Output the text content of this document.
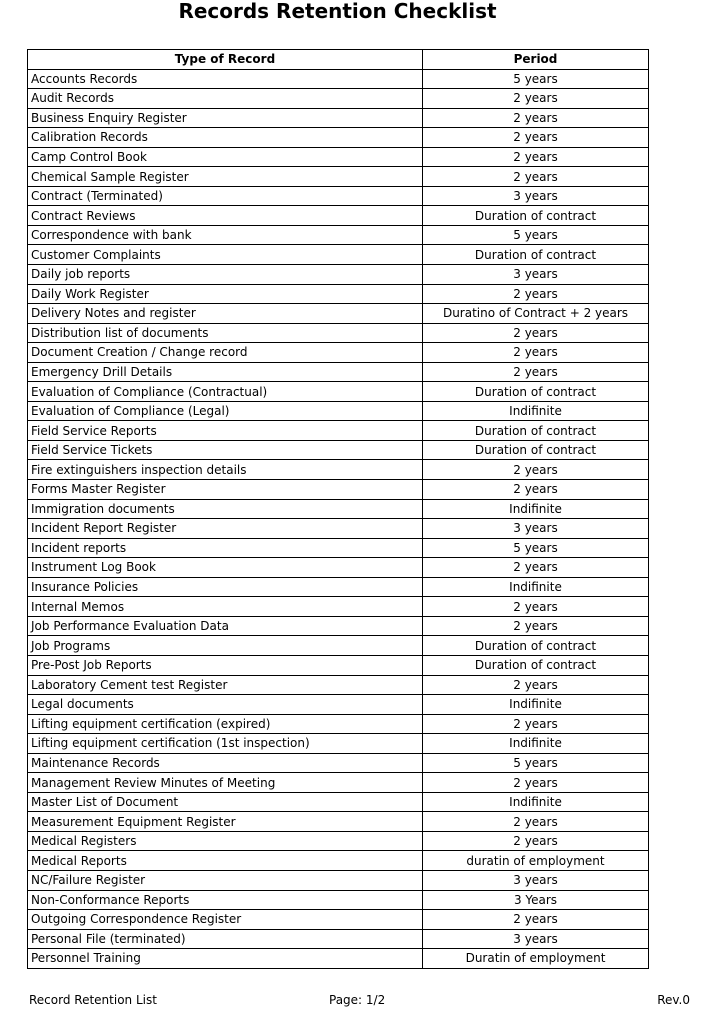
Records Retention Checklist
Type of Record	Period
Accounts Records	5 years
Audit Records	2 years
Business Enquiry Register	2 years
Calibration Records	2 years
Camp Control Book	2 years
Chemical Sample Register	2 years
Contract (Terminated)	3 years
Contract Reviews	Duration of contract
Correspondence with bank	5 years
Customer Complaints	Duration of contract
Daily job reports	3 years
Daily Work Register	2 years
Delivery Notes and register	Duratino of Contract + 2 years
Distribution list of documents	2 years
Document Creation / Change record	2 years
Emergency Drill Details	2 years
Evaluation of Compliance (Contractual)	Duration of contract
Evaluation of Compliance (Legal)	Indifinite
Field Service Reports	Duration of contract
Field Service Tickets	Duration of contract
Fire extinguishers inspection details	2 years
Forms Master Register	2 years
Immigration documents	Indifinite
Incident Report Register	3 years
Incident reports	5 years
Instrument Log Book	2 years
Insurance Policies	Indifinite
Internal Memos	2 years
Job Performance Evaluation Data	2 years
Job Programs	Duration of contract
Pre-Post Job Reports	Duration of contract
Laboratory Cement test Register	2 years
Legal documents	Indifinite
Lifting equipment certification (expired)	2 years
Lifting equipment certification (1st inspection)	Indifinite
Maintenance Records	5 years
Management Review Minutes of Meeting	2 years
Master List of Document	Indifinite
Measurement Equipment Register	2 years
Medical Registers	2 years
Medical Reports	duratin of employment
NC/Failure Register	3 years
Non-Conformance Reports	3 Years
Outgoing Correspondence Register	2 years
Personal File (terminated)	3 years
Personnel Training	Duratin of employment
Record Retention List	Page: 1/2	Rev.0
